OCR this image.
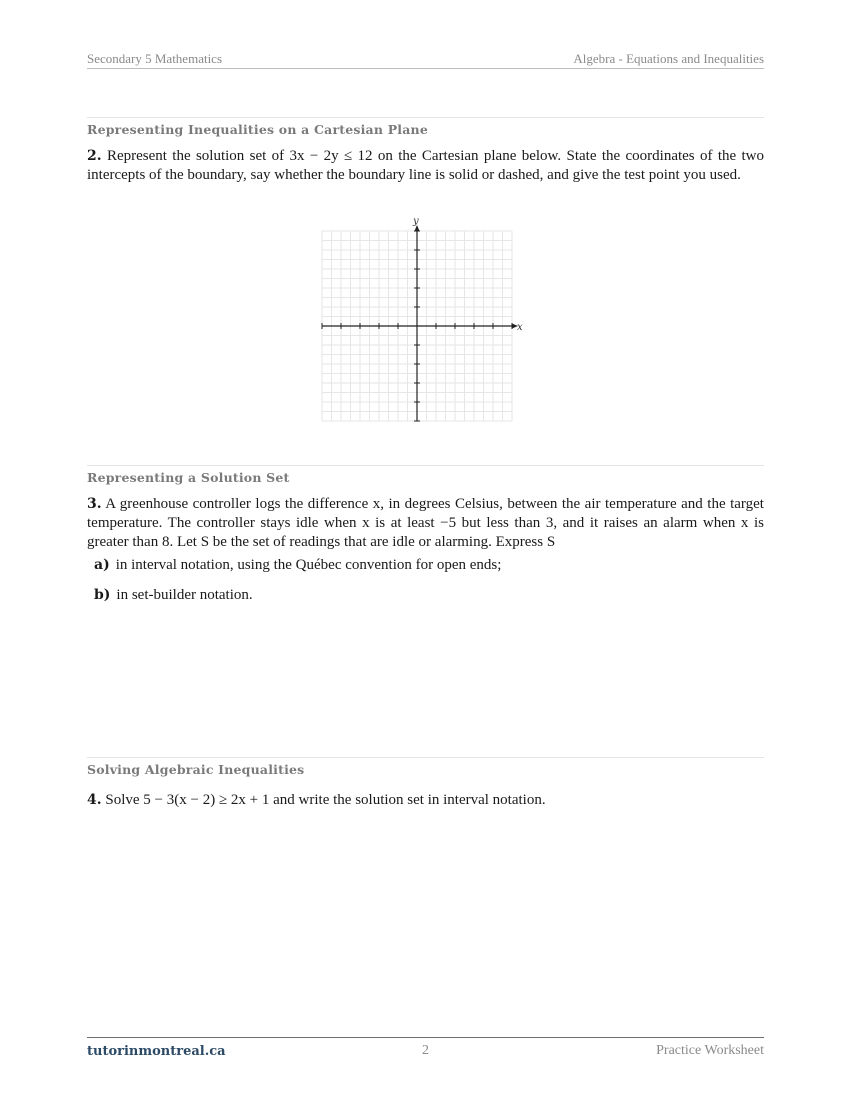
Secondary 5 Mathematics	Algebra - Equations and Inequalities
Representing Inequalities on a Cartesian Plane
2. Represent the solution set of 3x − 2y ≤ 12 on the Cartesian plane below. State the coordinates of the two intercepts of the boundary, say whether the boundary line is solid or dashed, and give the test point you used.
y
x
Representing a Solution Set
3. A greenhouse controller logs the difference x, in degrees Celsius, between the air temperature and the target temperature. The controller stays idle when x is at least −5 but less than 3, and it raises an alarm when x is greater than 8. Let S be the set of readings that are idle or alarming. Express S
a) in interval notation, using the Québec convention for open ends;
b) in set-builder notation.
Solving Algebraic Inequalities
4. Solve 5 − 3(x − 2) ≥ 2x + 1 and write the solution set in interval notation.
tutorinmontreal.ca	2	Practice Worksheet
